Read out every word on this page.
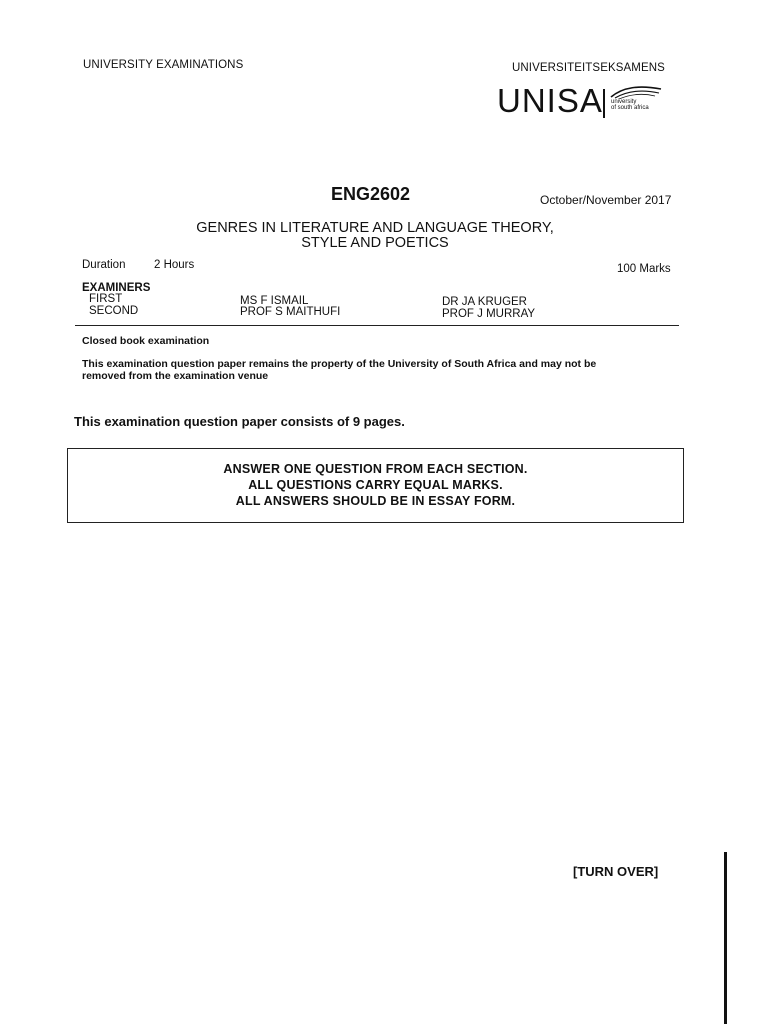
UNIVERSITY EXAMINATIONS	UNIVERSITEITSEKSAMENS
UNISA university
of south africa
ENG2602	October/November 2017
GENRES IN LITERATURE AND LANGUAGE THEORY,
STYLE AND POETICS
Duration 2 Hours	100 Marks
EXAMINERS
FIRST	MS F ISMAIL	DR JA KRUGER
SECOND	PROF S MAITHUFI	PROF J MURRAY
Closed book examination
This examination question paper remains the property of the University of South Africa and may not be
removed from the examination venue
This examination question paper consists of 9 pages.
ANSWER ONE QUESTION FROM EACH SECTION.
ALL QUESTIONS CARRY EQUAL MARKS.
ALL ANSWERS SHOULD BE IN ESSAY FORM.
[TURN OVER]
